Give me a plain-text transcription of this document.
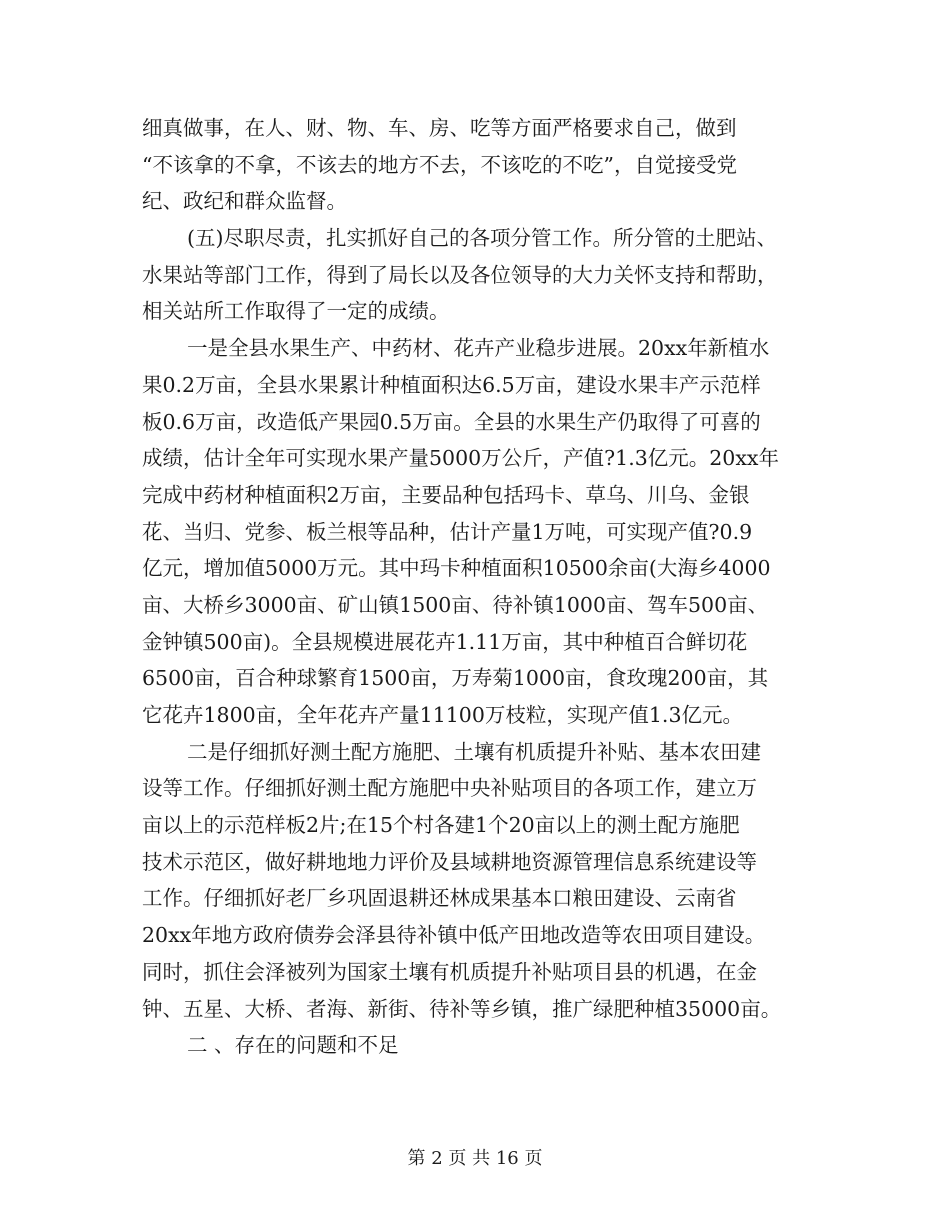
细真做事，在人、财、物、车、房、吃等方面严格要求自己，做到
“不该拿的不拿，不该去的地方不去，不该吃的不吃”，自觉接受党
纪、政纪和群众监督。
(五)尽职尽责，扎实抓好自己的各项分管工作。所分管的土肥站、
水果站等部门工作，得到了局长以及各位领导的大力关怀支持和帮助，
相关站所工作取得了一定的成绩。
一是全县水果生产、中药材、花卉产业稳步进展。20xx年新植水
果0.2万亩，全县水果累计种植面积达6.5万亩，建设水果丰产示范样
板0.6万亩，改造低产果园0.5万亩。全县的水果生产仍取得了可喜的
成绩，估计全年可实现水果产量5000万公斤，产值?1.3亿元。20xx年
完成中药材种植面积2万亩，主要品种包括玛卡、草乌、川乌、金银
花、当归、党参、板兰根等品种，估计产量1万吨，可实现产值?0.9
亿元，增加值5000万元。其中玛卡种植面积10500余亩(大海乡4000
亩、大桥乡3000亩、矿山镇1500亩、待补镇1000亩、驾车500亩、
金钟镇500亩)。全县规模进展花卉1.11万亩，其中种植百合鲜切花
6500亩，百合种球繁育1500亩，万寿菊1000亩，食玫瑰200亩，其
它花卉1800亩，全年花卉产量11100万枝粒，实现产值1.3亿元。
二是仔细抓好测土配方施肥、土壤有机质提升补贴、基本农田建
设等工作。仔细抓好测土配方施肥中央补贴项目的各项工作，建立万
亩以上的示范样板2片;在15个村各建1个20亩以上的测土配方施肥
技术示范区，做好耕地地力评价及县域耕地资源管理信息系统建设等
工作。仔细抓好老厂乡巩固退耕还林成果基本口粮田建设、云南省
20xx年地方政府债券会泽县待补镇中低产田地改造等农田项目建设。
同时，抓住会泽被列为国家土壤有机质提升补贴项目县的机遇，在金
钟、五星、大桥、者海、新街、待补等乡镇，推广绿肥种植35000亩。
二 、存在的问题和不足
第 2 页 共 16 页
